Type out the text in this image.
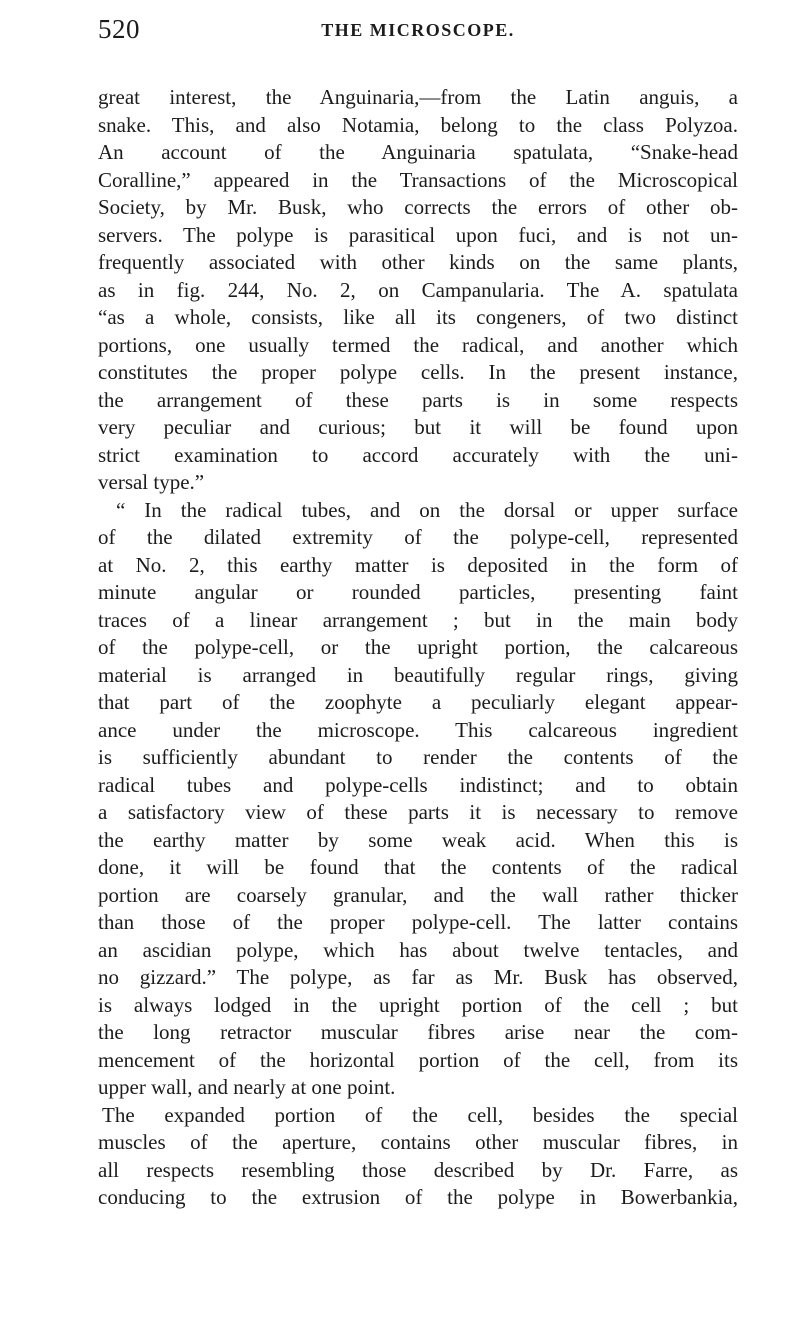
520	THE MICROSCOPE.
great interest, the Anguinaria,—from the Latin anguis, a
snake. This, and also Notamia, belong to the class Polyzoa.
An account of the Anguinaria spatulata, “Snake-head
Coralline,” appeared in the Transactions of the Microscopical
Society, by Mr. Busk, who corrects the errors of other ob-
servers. The polype is parasitical upon fuci, and is not un-
frequently associated with other kinds on the same plants,
as in fig. 244, No. 2, on Campanularia. The A. spatulata
“as a whole, consists, like all its congeners, of two distinct
portions, one usually termed the radical, and another which
constitutes the proper polype cells. In the present instance,
the arrangement of these parts is in some respects
very peculiar and curious; but it will be found upon
strict examination to accord accurately with the uni-
versal type.”
“ In the radical tubes, and on the dorsal or upper surface
of the dilated extremity of the polype-cell, represented
at No. 2, this earthy matter is deposited in the form of
minute angular or rounded particles, presenting faint
traces of a linear arrangement ; but in the main body
of the polype-cell, or the upright portion, the calcareous
material is arranged in beautifully regular rings, giving
that part of the zoophyte a peculiarly elegant appear-
ance under the microscope. This calcareous ingredient
is sufficiently abundant to render the contents of the
radical tubes and polype-cells indistinct; and to obtain
a satisfactory view of these parts it is necessary to remove
the earthy matter by some weak acid. When this is
done, it will be found that the contents of the radical
portion are coarsely granular, and the wall rather thicker
than those of the proper polype-cell. The latter contains
an ascidian polype, which has about twelve tentacles, and
no gizzard.” The polype, as far as Mr. Busk has observed,
is always lodged in the upright portion of the cell ; but
the long retractor muscular fibres arise near the com-
mencement of the horizontal portion of the cell, from its
upper wall, and nearly at one point.
The expanded portion of the cell, besides the special
muscles of the aperture, contains other muscular fibres, in
all respects resembling those described by Dr. Farre, as
conducing to the extrusion of the polype in Bowerbankia,
